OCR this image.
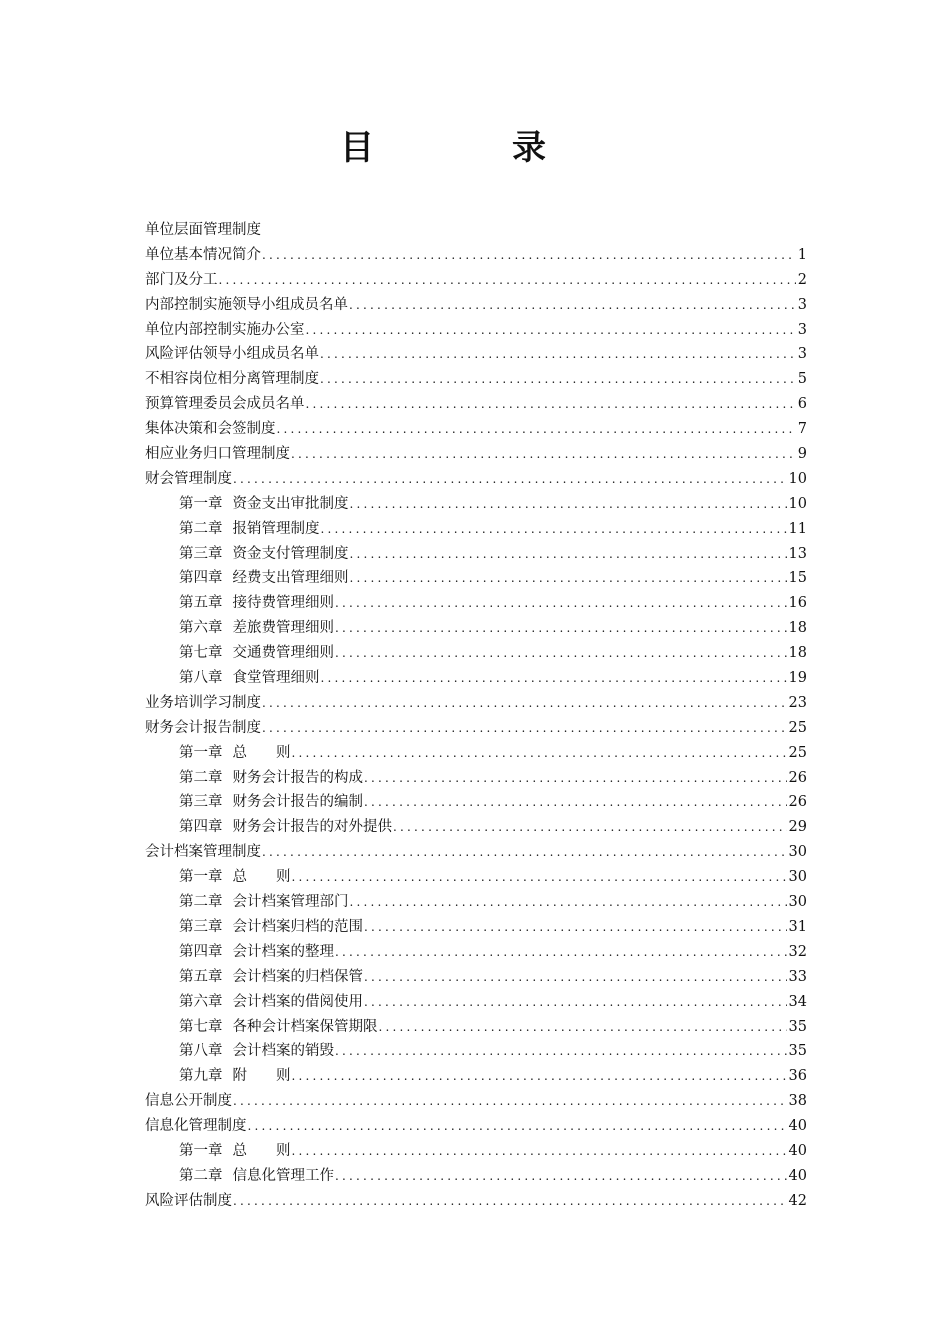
目	录
单位层面管理制度
单位基本情况简介 .....	1
部门及分工 .....	2
内部控制实施领导小组成员名单 .....	3
单位内部控制实施办公室 .....	3
风险评估领导小组成员名单 .....	3
不相容岗位相分离管理制度 .....	5
预算管理委员会成员名单 .....	6
集体决策和会签制度 .....	7
相应业务归口管理制度 .....	9
财会管理制度 .....	10
第一章 资金支出审批制度 .....	10
第二章 报销管理制度 .....	11
第三章 资金支付管理制度 .....	13
第四章 经费支出管理细则 .....	15
第五章 接待费管理细则 .....	16
第六章 差旅费管理细则 .....	18
第七章 交通费管理细则 .....	18
第八章 食堂管理细则 .....	19
业务培训学习制度 .....	23
财务会计报告制度 .....	25
第一章 总　　则 .....	25
第二章 财务会计报告的构成 .....	26
第三章 财务会计报告的编制 .....	26
第四章 财务会计报告的对外提供 .....	29
会计档案管理制度 .....	30
第一章 总　　则 .....	30
第二章 会计档案管理部门 .....	30
第三章 会计档案归档的范围 .....	31
第四章 会计档案的整理 .....	32
第五章 会计档案的归档保管 .....	33
第六章 会计档案的借阅使用 .....	34
第七章 各种会计档案保管期限 .....	35
第八章 会计档案的销毁 .....	35
第九章 附　　则 .....	36
信息公开制度 .....	38
信息化管理制度 .....	40
第一章 总　　则 .....	40
第二章 信息化管理工作 .....	40
风险评估制度 .....	42
